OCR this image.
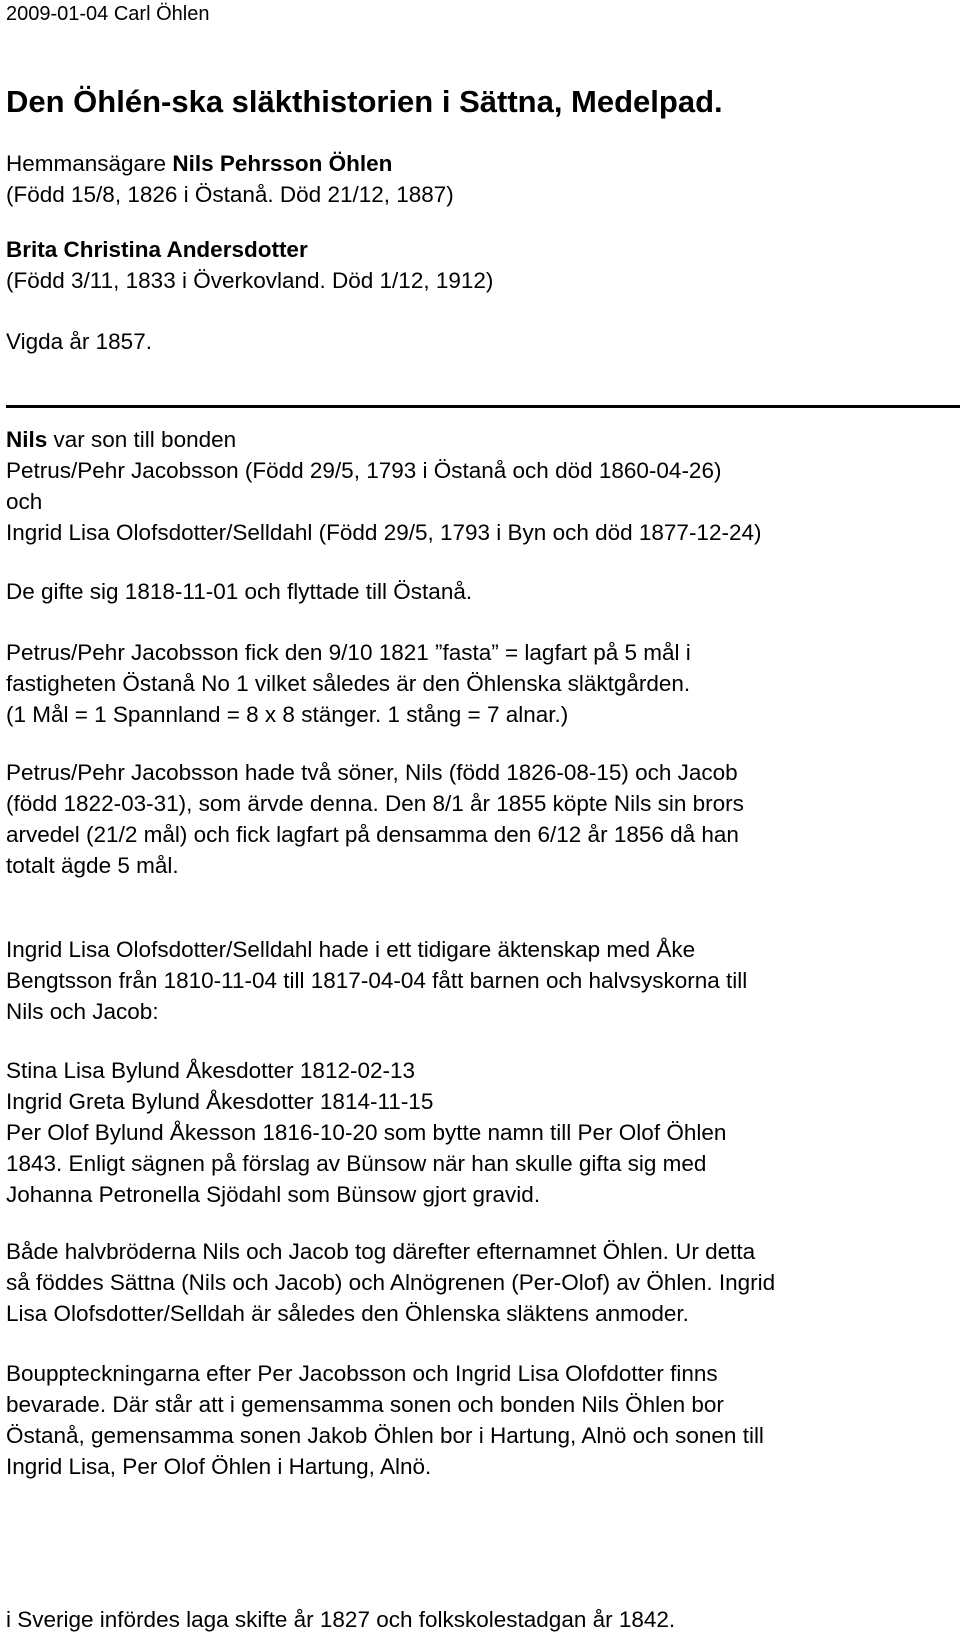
2009-01-04 Carl Öhlen
Den Öhlén-ska släkthistorien i Sättna, Medelpad.

Hemmansägare Nils Pehrsson Öhlen
(Född 15/8, 1826 i Östanå. Död 21/12, 1887)

Brita Christina Andersdotter
(Född 3/11, 1833 i Överkovland. Död 1/12, 1912)

Vigda år 1857.

Nils var son till bonden
Petrus/Pehr Jacobsson (Född 29/5, 1793 i Östanå och död 1860-04-26)
och
Ingrid Lisa Olofsdotter/Selldahl (Född 29/5, 1793 i Byn och död 1877-12-24)

De gifte sig 1818-11-01 och flyttade till Östanå.

Petrus/Pehr Jacobsson fick den 9/10 1821 ”fasta” = lagfart på 5 mål i
fastigheten Östanå No 1 vilket således är den Öhlenska släktgården.
(1 Mål = 1 Spannland = 8 x 8 stänger. 1 stång = 7 alnar.)

Petrus/Pehr Jacobsson hade två söner, Nils (född 1826-08-15) och Jacob
(född 1822-03-31), som ärvde denna. Den 8/1 år 1855 köpte Nils sin brors
arvedel (21/2 mål) och fick lagfart på densamma den 6/12 år 1856 då han
totalt ägde 5 mål.

Ingrid Lisa Olofsdotter/Selldahl hade i ett tidigare äktenskap med Åke
Bengtsson från 1810-11-04 till 1817-04-04 fått barnen och halvsyskorna till
Nils och Jacob:

Stina Lisa Bylund Åkesdotter 1812-02-13
Ingrid Greta Bylund Åkesdotter 1814-11-15
Per Olof Bylund Åkesson 1816-10-20 som bytte namn till Per Olof Öhlen
1843. Enligt sägnen på förslag av Bünsow när han skulle gifta sig med
Johanna Petronella Sjödahl som Bünsow gjort gravid.

Både halvbröderna Nils och Jacob tog därefter efternamnet Öhlen. Ur detta
så föddes Sättna (Nils och Jacob) och Alnögrenen (Per-Olof) av Öhlen. Ingrid
Lisa Olofsdotter/Selldah är således den Öhlenska släktens anmoder.

Bouppteckningarna efter Per Jacobsson och Ingrid Lisa Olofdotter finns
bevarade. Där står att i gemensamma sonen och bonden Nils Öhlen bor
Östanå, gemensamma sonen Jakob Öhlen bor i Hartung, Alnö och sonen till
Ingrid Lisa, Per Olof Öhlen i Hartung, Alnö.

i Sverige infördes laga skifte år 1827 och folkskolestadgan år 1842.
